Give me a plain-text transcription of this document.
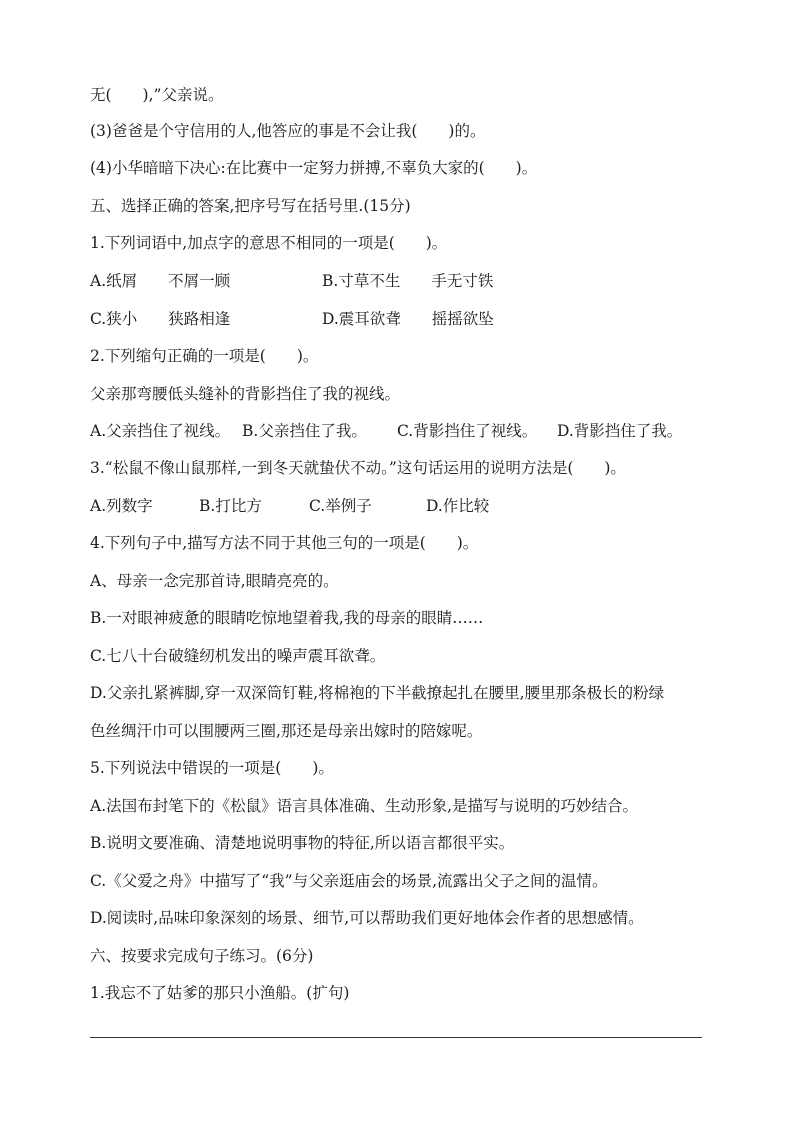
无(　　),”父亲说。
(3)爸爸是个守信用的人,他答应的事是不会让我(　　)的。
(4)小华暗暗下决心:在比赛中一定努力拼搏,不辜负大家的(　　)。
五、选择正确的答案,把序号写在括号里.(15分)
1.下列词语中,加点字的意思不相同的一项是(　　)。
A.纸屑　　不屑一顾	B.寸草不生　　手无寸铁
C.狭小　　狭路相逢	D.震耳欲聋　　摇摇欲坠
2.下列缩句正确的一项是(　　)。
父亲那弯腰低头缝补的背影挡住了我的视线。
A.父亲挡住了视线。 B.父亲挡住了我。 C.背影挡住了视线。 D.背影挡住了我。
3.“松鼠不像山鼠那样,一到冬天就蛰伏不动。”这句话运用的说明方法是(　　)。
A.列数字	B.打比方	C.举例子	D.作比较
4.下列句子中,描写方法不同于其他三句的一项是(　　)。
A、母亲一念完那首诗,眼睛亮亮的。
B.一对眼神疲惫的眼睛吃惊地望着我,我的母亲的眼睛……
C.七八十台破缝纫机发出的噪声震耳欲聋。
D.父亲扎紧裤脚,穿一双深筒钉鞋,将棉袍的下半截撩起扎在腰里,腰里那条极长的粉绿
色丝绸汗巾可以围腰两三圈,那还是母亲出嫁时的陪嫁呢。
5.下列说法中错误的一项是(　　)。
A.法国布封笔下的《松鼠》语言具体准确、生动形象,是描写与说明的巧妙结合。
B.说明文要准确、清楚地说明事物的特征,所以语言都很平实。
C.《父爱之舟》中描写了“我”与父亲逛庙会的场景,流露出父子之间的温情。
D.阅读时,品味印象深刻的场景、细节,可以帮助我们更好地体会作者的思想感情。
六、按要求完成句子练习。(6分)
1.我忘不了姑爹的那只小渔船。(扩句)
